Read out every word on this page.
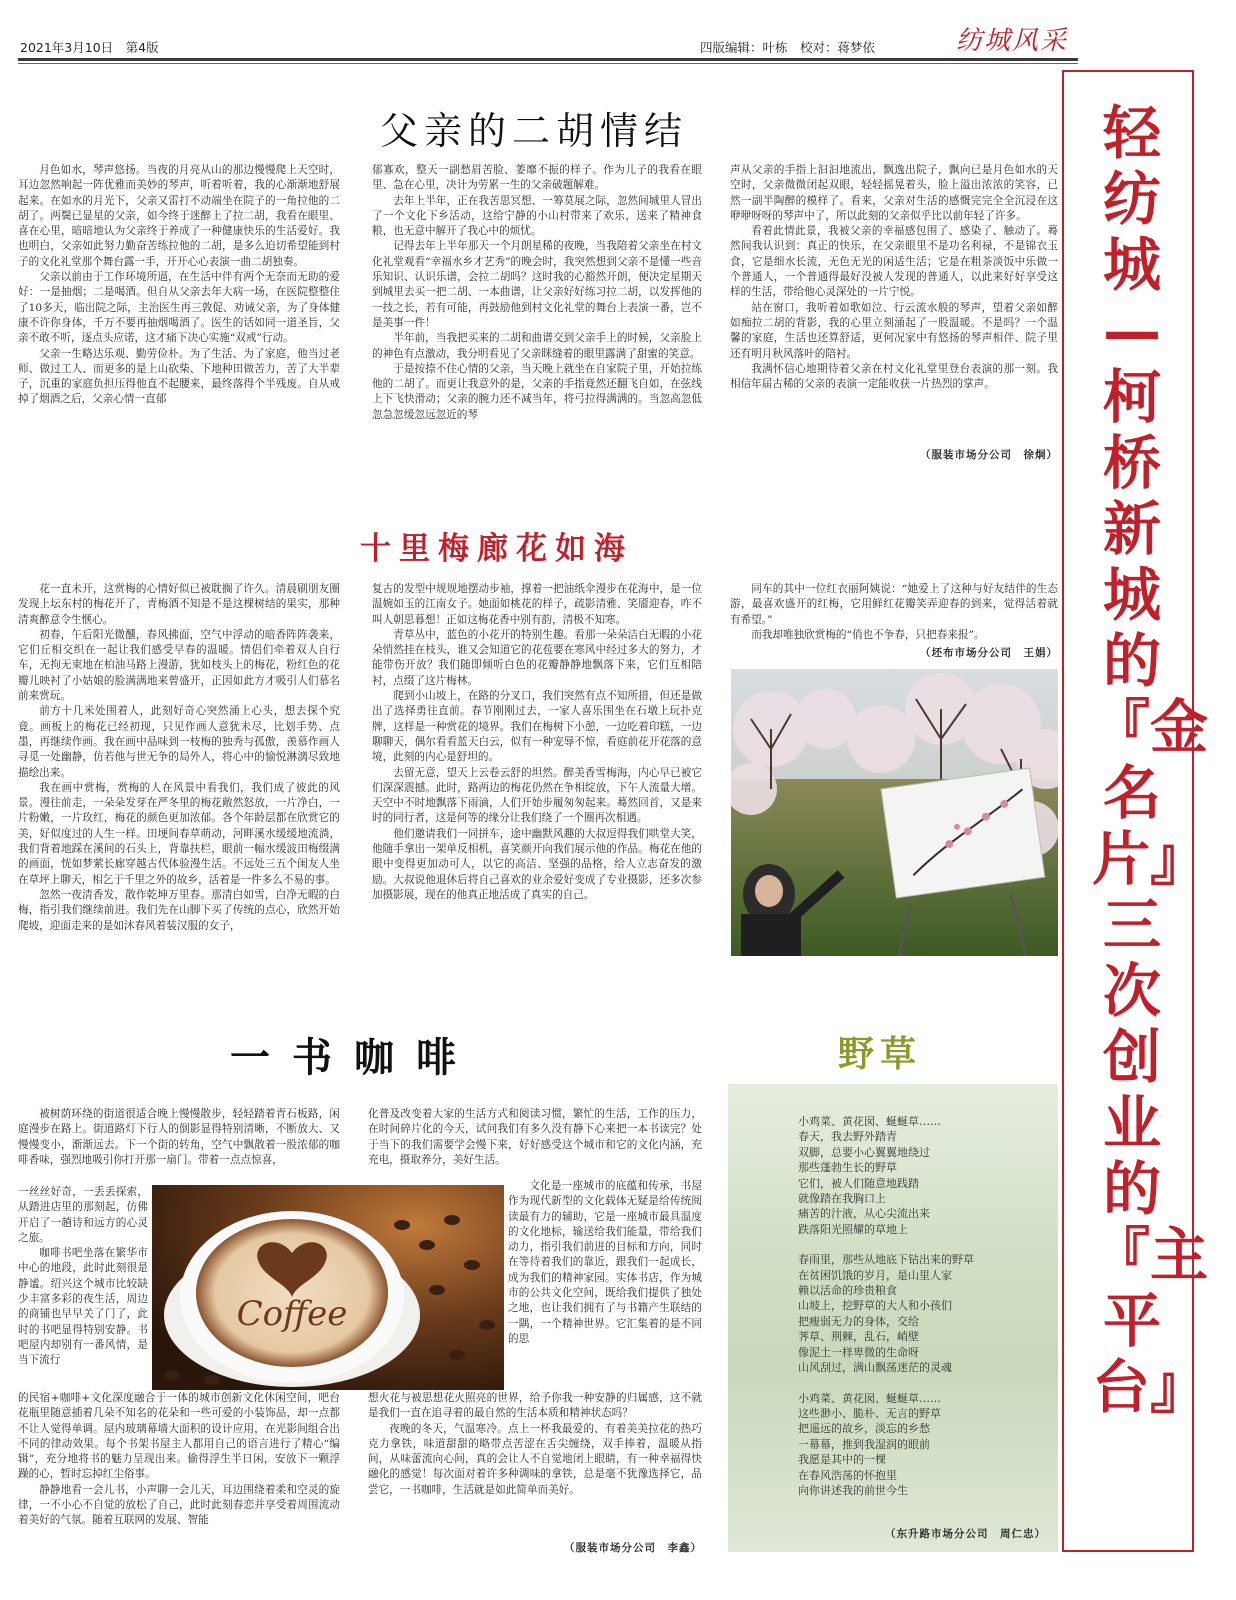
2021年3月10日　第4版	四版编辑：叶栋　校对：蒋梦依	纺城风采
轻纺城—柯桥新城的『金名片』三次创业的『主平台』
父亲的二胡情结

月色如水，琴声悠扬。当夜的月亮从山的那边慢慢爬上天空时，耳边忽然响起一阵优雅而美妙的琴声，听着听着，我的心渐渐地舒展起来。在如水的月光下，父亲又雷打不动端坐在院子的一角拉他的二胡了。两鬓已显星的父亲，如今终于迷醉上了拉二胡，我看在眼里、喜在心里，暗暗地认为父亲终于养成了一种健康快乐的生活爱好。我也明白，父亲如此努力勤奋苦练拉他的二胡，是多么迫切希望能到村子的文化礼堂那个舞台露一手，开开心心表演一曲二胡独奏。

父亲以前由于工作环境所逼，在生活中伴有两个无奈而无助的爱好：一是抽烟；二是喝酒。但自从父亲去年大病一场，在医院整整住了10多天，临出院之际，主治医生再三敦促、劝诫父亲，为了身体健康不许你身体，千万不要再抽烟喝酒了。医生的话如同一道圣旨，父亲不敢不听，逐点头应诺，这才痛下决心实施“双戒”行动。

父亲一生略达乐观、勤劳俭朴。为了生活、为了家庭，他当过老师、做过工人、而更多的是上山砍柴、下地种田做苦力，苦了大半辈子，沉重的家庭负担压得他直不起腰来，最终落得个半残废。自从戒掉了烟酒之后，父亲心情一直郁

郁寡欢，整天一副愁眉苦脸、萎靡不振的样子。作为儿子的我看在眼里、急在心里，决计为劳累一生的父亲破题解难。

去年上半年，正在我苦思冥想、一筹莫展之际，忽然间城里人冒出了一个文化下乡活动，这给宁静的小山村带来了欢乐，送来了精神食粮，也无意中解开了我心中的烦忧。

记得去年上半年那天一个月朗星稀的夜晚，当我陪着父亲坐在村文化礼堂观看“幸福水乡才艺秀”的晚会时，我突然想到父亲不是懂一些音乐知识、认识乐谱，会拉二胡吗？这时我的心豁然开朗，便决定星期天到城里去买一把二胡、一本曲谱，让父亲好好练习拉二胡，以发挥他的一技之长，若有可能，再鼓励他到村文化礼堂的舞台上表演一番，岂不是美事一件！

半年前，当我把买来的二胡和曲谱交到父亲手上的时候，父亲脸上的神色有点激动，我分明看见了父亲眯缝着的眼里露满了甜蜜的笑意。

于是按捺不住心情的父亲，当天晚上就坐在自家院子里，开始拉练他的二胡了。而更让我意外的是，父亲的手指竟然还翻飞自如，在弦线上下飞快滑动；父亲的腕力还不减当年，将弓拉得满满的。当忽高忽低忽急忽缓忽远忽近的琴

声从父亲的手指上汩汩地流出，飘逸出院子，飘向已是月色如水的天空时，父亲微微闭起双眼，轻轻摇晃着头，脸上溢出浓浓的笑容，已然一副半陶醉的模样了。看来，父亲对生活的感慨完完全全沉浸在这咿咿呀呀的琴声中了，所以此刻的父亲似乎比以前年轻了许多。

看着此情此景，我被父亲的幸福感包围了、感染了、触动了。蓦然间我认识到：真正的快乐，在父亲眼里不是功名利禄，不是锦衣玉食，它是细水长流，无色无光的闲适生活；它是在粗茶淡饭中乐做一个普通人，一个普通得最好没被人发现的普通人，以此来好好享受这样的生活，带给他心灵深处的一片宁悦。

站在窗口，我听着如歌如泣、行云流水般的琴声，望着父亲如醉如痴拉二胡的背影，我的心里立刻涌起了一股温暖。不是吗？一个温馨的家庭，生活也还算舒适，更何况家中有悠扬的琴声相伴、院子里还有明月秋风落叶的陪衬。

我满怀信心地期待着父亲在村文化礼堂里登台表演的那一刻。我相信年届古稀的父亲的表演一定能收获一片热烈的掌声。

（服装市场分公司　徐炯）
十里梅廊花如海

花一直未开，这赏梅的心情好似已被耽搁了许久。清晨刷朋友圈发现上坛东村的梅花开了，青梅酒不知是不是这棵树结的果实，那种清爽醉意令生惬心。

初春，午后阳光微醺，春风拂面，空气中浮动的暗香阵阵袭来，它们丘相交织在一起让我们感受早春的温暖。情侣们牵着双人自行车，无拘无束地在柏油马路上漫游，犹如枝头上的梅花，粉红色的花瓣儿映衬了小姑娘的脸满满地来曾盛开，正因如此方才吸引人们慕名前来赏玩。

前方十几米处围着人，此刻好奇心突然涌上心头，想去探个究竟。画板上的梅花已经初现，只见作画人意犹未尽，比划手势、点墨，再继续作画。我在画中品味到一枝梅的独秀与孤傲，羡慕作画人寻觅一处幽静，仿若他与世无争的局外人，将心中的愉悦淋漓尽致地描绘出来。

我在画中赏梅，赏梅的人在风景中看我们，我们成了彼此的风景。漫往前走，一朵朵发芽在严冬里的梅花敞然怒放，一片净白，一片粉嫩，一片玫红，梅花的颜色更加浓郁。各个年龄层都在欣赏它的美，好似度过的人生一样。田埂间春草萌动，河畔溪水缓缓地流淌，我们背着地踩在溪间的石头上，背靠扶栏，眼前一幅水缓波田梅缀满的画面，恍如梦萦长廊穿越古代体验漫生活。不远处三五个闺友人坐在草坪上聊天，相乞于千里之外的故乡，活着是一件多么不易的事。

忽然一夜清香发，散作乾坤万里春。那清白如雪，白净无暇的白梅，指引我们继续前进。我们先在山脚下买了传统的点心，欣然开始爬坡，迎面走来的是如沐春风着装汉服的女子，

复古的发型中规规地摆动步袖，撑着一把油纸伞漫步在花海中，是一位温婉如玉的江南女子。她面如桃花的样子，疏影清雅、笑靥迎春，咋不叫人朝思暮想！正如这梅花香中别有韵，清极不知寒。

青草丛中，蓝色的小花开的特别生趣。看那一朵朵洁白无暇的小花朵悄然挂在枝头，谁又会知道它的花苞要在寒风中经过多大的努力，才能带伤开放？我们随即倾听白色的花瓣静静地飘落下来，它们互相陪衬，点缀了这片梅林。

爬到小山坡上，在路的分叉口，我们突然有点不知所措，但还是做出了选择勇往直前。春节刚刚过去，一家人喜乐围坐在石墩上玩扑克牌，这样是一种赏花的境界。我们在梅树下小憩，一边吃着印糕，一边聊聊天，偶尔看看蓝天白云，似有一种宠辱不惊，看庭前花开花落的意境，此刻的内心是舒坦的。

去留无意，望天上云卷云舒的坦然。醉美香雪梅海，内心早已被它们深深震撼。此时，路两边的梅花仍然在争相绽放，下午人流量大增。天空中不时地飘落下雨滴，人们开始步履匆匆起来。蓦然回首，又是来时的同行者，这是何等的缘分让我们绕了一个圈再次相遇。

他们邀请我们一同拼车，途中幽默风趣的大叔逗得我们哄堂大笑，他随手拿出一架单反相机，喜笑颜开向我们展示他的作品。梅花在他的眼中变得更加动可人，以它的高洁、坚强的品格，给人立志奋发的激励。大叔说他退休后将自己喜欢的业余爱好变成了专业摄影，还多次参加摄影展，现在的他真正地活成了真实的自己。

同车的其中一位红衣丽阿姨说：“她爱上了这种与好友结伴的生态游，最喜欢盛开的红梅，它用鲜红花瓣笑弄迎春的到来，觉得活着就有希望。”

而我却唯独欣赏梅的“俏也不争春，只把春来报”。

（坯布市场分公司　王娟）
一书咖啡

被树荫环绕的街道很适合晚上慢慢散步，轻轻踏着青石板路，闲庭漫步在路上。街道路灯下行人的倒影显得特别清晰，不断放大、又慢慢变小，渐渐远去。下一个街的转角，空气中飘散着一股浓郁的咖啡香味，强烈地吸引你打开那一扇门。带着一点点惊喜，

一丝丝好奇，一丢丢探索，从踏进店里的那刻起，仿佛开启了一趟诗和远方的心灵之旅。

咖啡书吧坐落在繁华市中心的地段，此时此刻很是静谧。绍兴这个城市比较缺少丰富多彩的夜生活，周边的商铺也早早关了门了，此时的书吧显得特别安静。书吧屋内却别有一番风情，是当下流行

的民宿+咖啡+文化深度融合于一体的城市创新文化休闲空间，吧台花瓶里随意插着几朵不知名的花朵和一些可爱的小装饰品，却一点都不让人觉得单调。屋内玻璃幕墙大面积的设计应用，在光影间组合出不同的律动效果。每个书架书屋主人都用自己的语言进行了精心“编辑”，充分地将书的魅力呈现出来。偷得浮生半日闲，安放下一颗浮躁的心，暂时忘掉红尘俗事。

静静地看一会儿书，小声聊一会儿天，耳边围绕着柔和空灵的旋律，一不小心不自觉的放松了自己，此时此刻春恋并享受着周围流动着美好的气氛。随着互联网的发展、智能

化普及改变着大家的生活方式和阅读习惯，繁忙的生活，工作的压力，在时间碎片化的今天，试问我们有多久没有静下心来把一本书读完？处于当下的我们需要学会慢下来，好好感受这个城市和它的文化内涵，充充电，摄取养分，美好生活。

文化是一座城市的底蕴和传承，书屋作为现代新型的文化载体无疑是给传统阅读最有力的辅助，它是一座城市最具温度的文化地标，输送给我们能量，带给我们动力，指引我们前进的目标和方向，同时在等待着我们的靠近，跟我们一起成长，成为我们的精神家园。实体书店，作为城市的公共文化空间，既给我们提供了独处之地，也让我们拥有了与书籍产生联结的一隅，一个精神世界。它汇集着的是不同的思

想火花与被思想花火照亮的世界，给予你我一种安静的归属感，这不就是我们一直在追寻着的最自然的生活本质和精神状态吗？

夜晚的冬天，气温寒冷。点上一杯我最爱的、有着美美拉花的热巧克力拿铁，味道甜甜的略带点苦涩在舌尖缠绕，双手捧着，温暖从指间，从味蕾流向心间，真的会让人不自觉地闭上眼睛，有一种幸福得快融化的感觉！每次面对着许多种调味的拿铁，总是毫不犹豫选择它，品尝它，一书咖啡，生活就是如此简单而美好。

（服装市场分公司　李鑫）
Coffee
野草
小鸡菜、黄花囡、蜒蜒草……
春天，我去野外踏青
双脚，总要小心翼翼地绕过
那些蓬勃生长的野草
它们，被人们随意地践踏
就像踏在我胸口上
痛苦的汁液，从心尖流出来
跌落阳光照耀的草地上
春雨里，那些从地底下钻出来的野草
在贫困饥饿的岁月，是山里人家
赖以活命的珍贵粮食
山坡上，挖野草的大人和小孩们
把瘦弱无力的身体，交给
荠草、荆棘，乱石，峭壁
像泥土一样卑微的生命呀
山风刮过，满山飘荡迷茫的灵魂
小鸡菜、黄花囡、蜒蜒草……
这些渺小、脆朴、无言的野草
把遥远的故乡，淡忘的乡愁
一幕幕，推到我湿润的眼前
我愿是其中的一棵
在春风浩荡的怀抱里
向你讲述我的前世今生
（东升路市场分公司　周仁忠）
